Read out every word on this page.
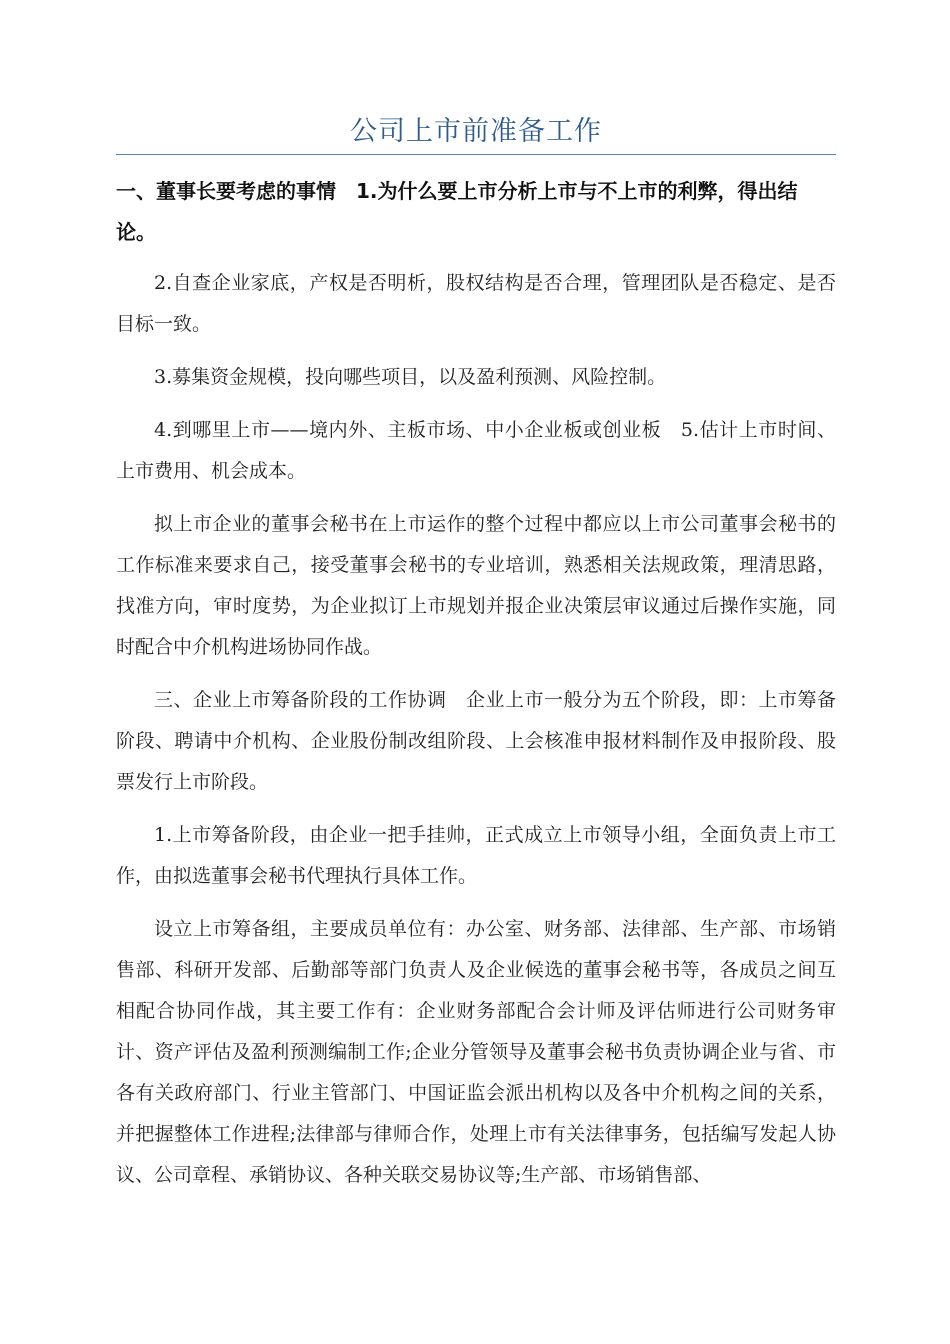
公司上市前准备工作
一、董事长要考虑的事情　1.为什么要上市分析上市与不上市的利弊，得出结论。

2.自查企业家底，产权是否明析，股权结构是否合理，管理团队是否稳定、是否目标一致。

3.募集资金规模，投向哪些项目，以及盈利预测、风险控制。

4.到哪里上市——境内外、主板市场、中小企业板或创业板　5.估计上市时间、上市费用、机会成本。

拟上市企业的董事会秘书在上市运作的整个过程中都应以上市公司董事会秘书的工作标准来要求自己，接受董事会秘书的专业培训，熟悉相关法规政策，理清思路，找准方向，审时度势，为企业拟订上市规划并报企业决策层审议通过后操作实施，同时配合中介机构进场协同作战。

三、企业上市筹备阶段的工作协调　企业上市一般分为五个阶段，即：上市筹备阶段、聘请中介机构、企业股份制改组阶段、上会核准申报材料制作及申报阶段、股票发行上市阶段。

1.上市筹备阶段，由企业一把手挂帅，正式成立上市领导小组，全面负责上市工作，由拟选董事会秘书代理执行具体工作。

设立上市筹备组，主要成员单位有：办公室、财务部、法律部、生产部、市场销售部、科研开发部、后勤部等部门负责人及企业候选的董事会秘书等，各成员之间互相配合协同作战，其主要工作有：企业财务部配合会计师及评估师进行公司财务审计、资产评估及盈利预测编制工作;企业分管领导及董事会秘书负责协调企业与省、市各有关政府部门、行业主管部门、中国证监会派出机构以及各中介机构之间的关系，并把握整体工作进程;法律部与律师合作，处理上市有关法律事务，包括编写发起人协议、公司章程、承销协议、各种关联交易协议等;生产部、市场销售部、
